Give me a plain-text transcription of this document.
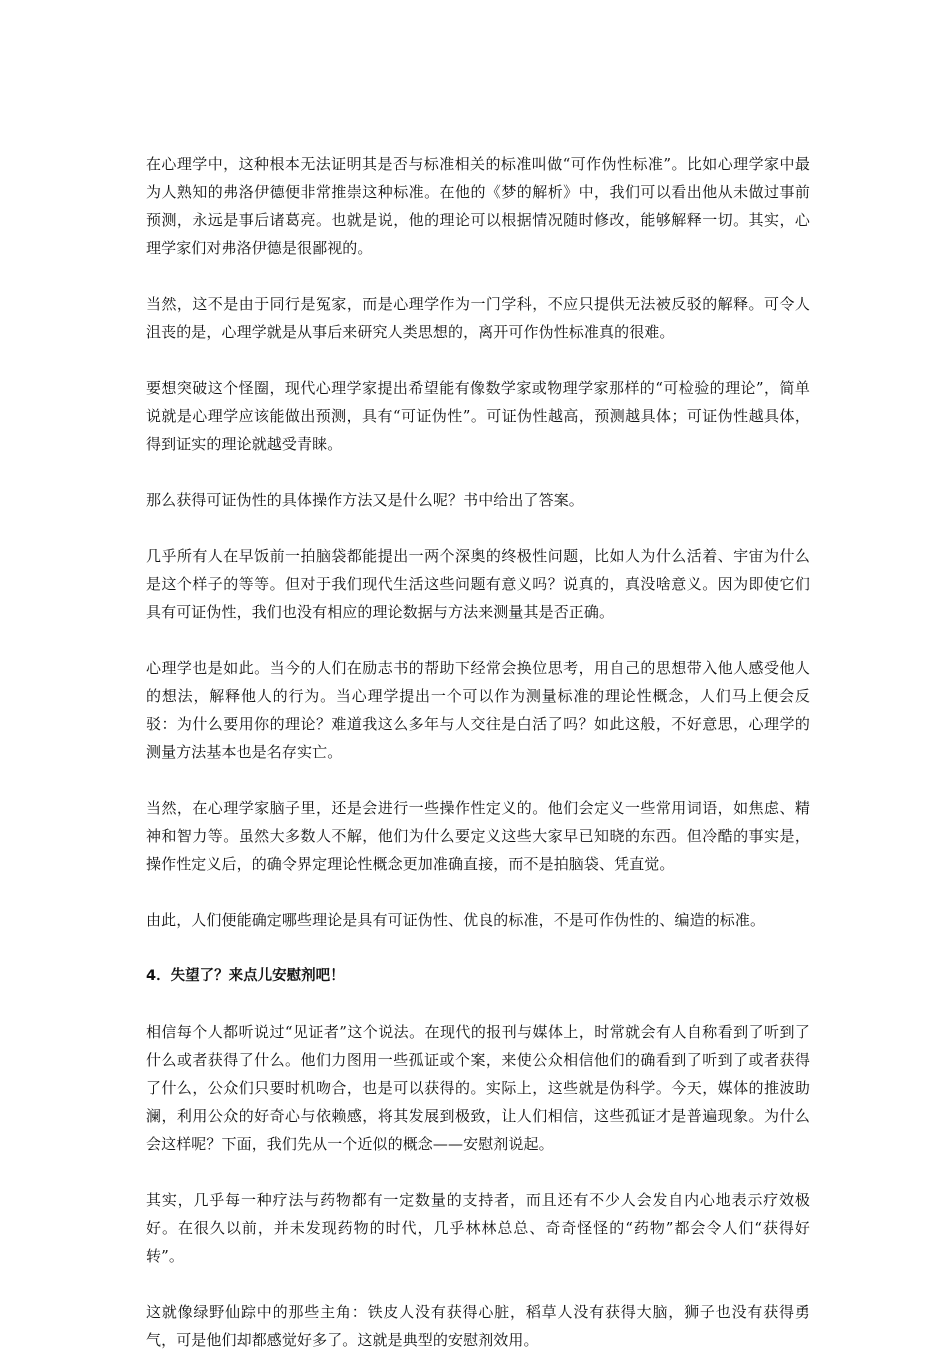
在心理学中，这种根本无法证明其是否与标准相关的标准叫做“可作伪性标准”。比如心理学家中最为人熟知的弗洛伊德便非常推崇这种标准。在他的《梦的解析》中，我们可以看出他从未做过事前预测，永远是事后诸葛亮。也就是说，他的理论可以根据情况随时修改，能够解释一切。其实，心理学家们对弗洛伊德是很鄙视的。

当然，这不是由于同行是冤家，而是心理学作为一门学科，不应只提供无法被反驳的解释。可令人沮丧的是，心理学就是从事后来研究人类思想的，离开可作伪性标准真的很难。

要想突破这个怪圈，现代心理学家提出希望能有像数学家或物理学家那样的“可检验的理论”，简单说就是心理学应该能做出预测，具有“可证伪性”。可证伪性越高，预测越具体；可证伪性越具体，得到证实的理论就越受青睐。

那么获得可证伪性的具体操作方法又是什么呢？书中给出了答案。

几乎所有人在早饭前一拍脑袋都能提出一两个深奥的终极性问题，比如人为什么活着、宇宙为什么是这个样子的等等。但对于我们现代生活这些问题有意义吗？说真的，真没啥意义。因为即使它们具有可证伪性，我们也没有相应的理论数据与方法来测量其是否正确。

心理学也是如此。当今的人们在励志书的帮助下经常会换位思考，用自己的思想带入他人感受他人的想法，解释他人的行为。当心理学提出一个可以作为测量标准的理论性概念，人们马上便会反驳：为什么要用你的理论？难道我这么多年与人交往是白活了吗？如此这般，不好意思，心理学的测量方法基本也是名存实亡。

当然，在心理学家脑子里，还是会进行一些操作性定义的。他们会定义一些常用词语，如焦虑、精神和智力等。虽然大多数人不解，他们为什么要定义这些大家早已知晓的东西。但冷酷的事实是，操作性定义后，的确令界定理论性概念更加准确直接，而不是拍脑袋、凭直觉。

由此，人们便能确定哪些理论是具有可证伪性、优良的标准，不是可作伪性的、编造的标准。

4．失望了？来点儿安慰剂吧！

相信每个人都听说过“见证者”这个说法。在现代的报刊与媒体上，时常就会有人自称看到了听到了什么或者获得了什么。他们力图用一些孤证或个案，来使公众相信他们的确看到了听到了或者获得了什么，公众们只要时机吻合，也是可以获得的。实际上，这些就是伪科学。今天，媒体的推波助澜，利用公众的好奇心与依赖感，将其发展到极致，让人们相信，这些孤证才是普遍现象。为什么会这样呢？下面，我们先从一个近似的概念——安慰剂说起。

其实，几乎每一种疗法与药物都有一定数量的支持者，而且还有不少人会发自内心地表示疗效极好。在很久以前，并未发现药物的时代，几乎林林总总、奇奇怪怪的“药物”都会令人们“获得好转”。

这就像绿野仙踪中的那些主角：铁皮人没有获得心脏，稻草人没有获得大脑，狮子也没有获得勇气，可是他们却都感觉好多了。这就是典型的安慰剂效用。
